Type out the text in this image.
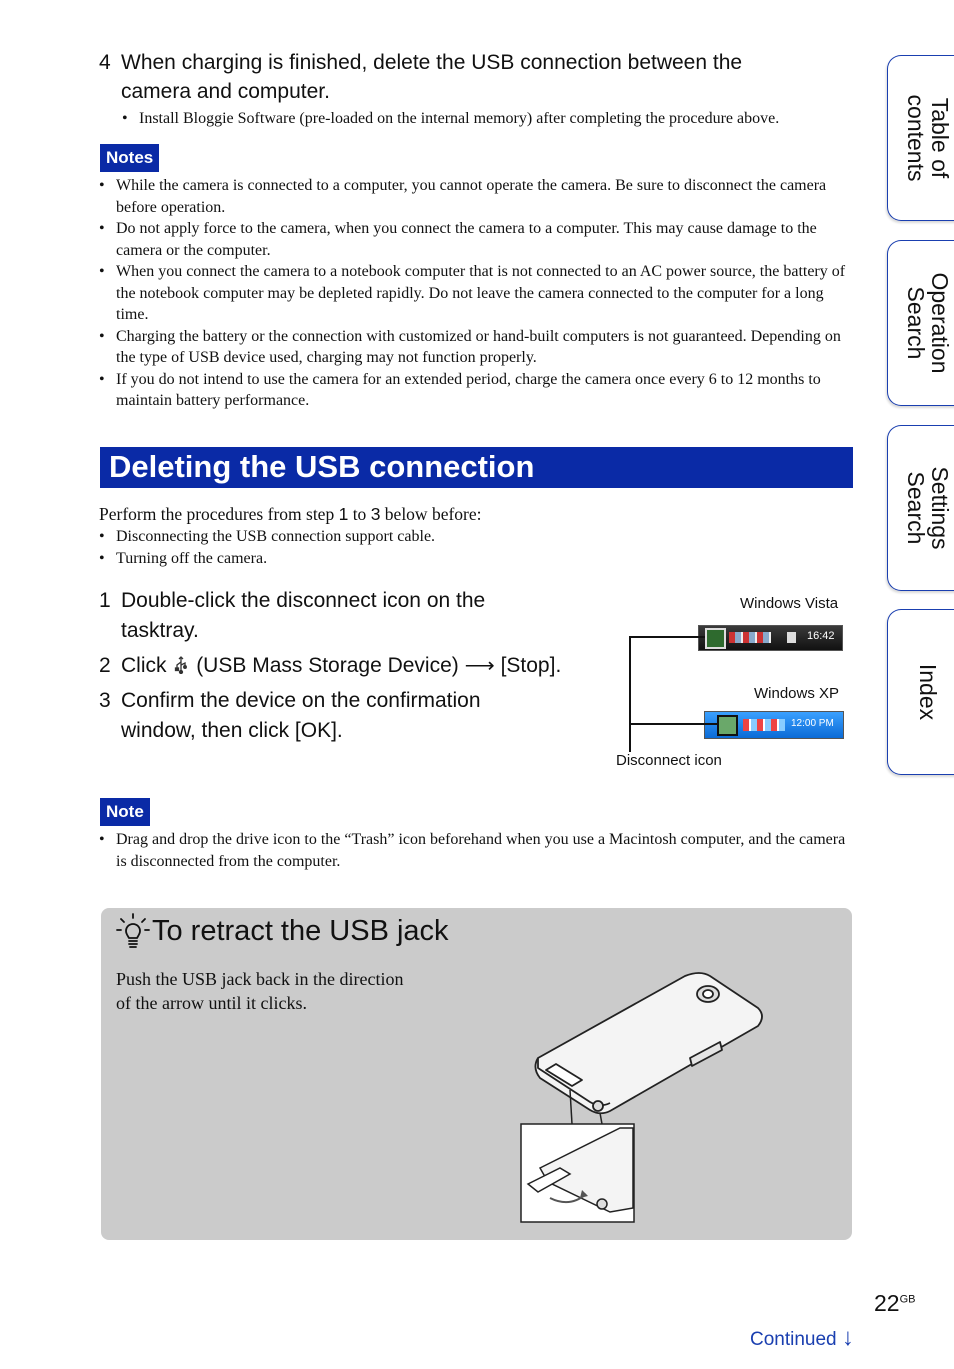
4 When charging is finished, delete the USB connection between the
camera and computer.
• Install Bloggie Software (pre-loaded on the internal memory) after completing the procedure above.
Notes
• While the camera is connected to a computer, you cannot operate the camera. Be sure to disconnect the camera before operation.
• Do not apply force to the camera, when you connect the camera to a computer. This may cause damage to the camera or the computer.
• When you connect the camera to a notebook computer that is not connected to an AC power source, the battery of the notebook computer may be depleted rapidly. Do not leave the camera connected to the computer for a long time.
• Charging the battery or the connection with customized or hand-built computers is not guaranteed. Depending on the type of USB device used, charging may not function properly.
• If you do not intend to use the camera for an extended period, charge the camera once every 6 to 12 months to maintain battery performance.
Deleting the USB connection
Perform the procedures from step 1 to 3 below before:
• Disconnecting the USB connection support cable.
• Turning off the camera.
1 Double-click the disconnect icon on the
tasktray.
2 Click (USB Mass Storage Device) ⟶ [Stop].
3 Confirm the device on the confirmation
window, then click [OK].
Windows Vista
16:42
Windows XP
12:00 PM
Disconnect icon
Note
• Drag and drop the drive icon to the “Trash” icon beforehand when you use a Macintosh computer, and the camera is disconnected from the computer.
To retract the USB jack
Push the USB jack back in the direction
of the arrow until it clicks.
Table of
contents
Operation
Search
Settings
Search
Index
$22^{GB}$
Continued ↓
